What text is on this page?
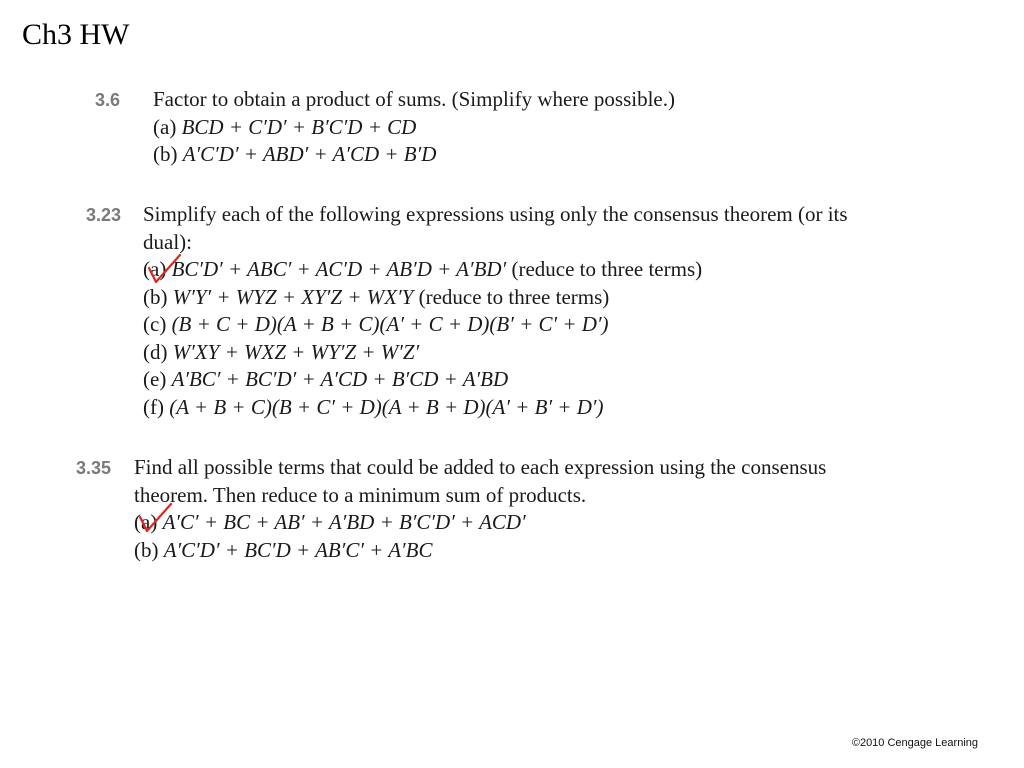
Ch3 HW
3.6 Factor to obtain a product of sums. (Simplify where possible.)
(a) BCD + C′D′ + B′C′D + CD
(b) A′C′D′ + ABD′ + A′CD + B′D
3.23 Simplify each of the following expressions using only the consensus theorem (or its
dual):
(a) BC′D′ + ABC′ + AC′D + AB′D + A′BD′ (reduce to three terms)
(b) W′Y′ + WYZ + XY′Z + WX′Y (reduce to three terms)
(c) (B + C + D)(A + B + C)(A′ + C + D)(B′ + C′ + D′)
(d) W′XY + WXZ + WY′Z + W′Z′
(e) A′BC′ + BC′D′ + A′CD + B′CD + A′BD
(f) (A + B + C)(B + C′ + D)(A + B + D)(A′ + B′ + D′)
3.35 Find all possible terms that could be added to each expression using the consensus
theorem. Then reduce to a minimum sum of products.
(a) A′C′ + BC + AB′ + A′BD + B′C′D′ + ACD′
(b) A′C′D′ + BC′D + AB′C′ + A′BC
©2010 Cengage Learning
